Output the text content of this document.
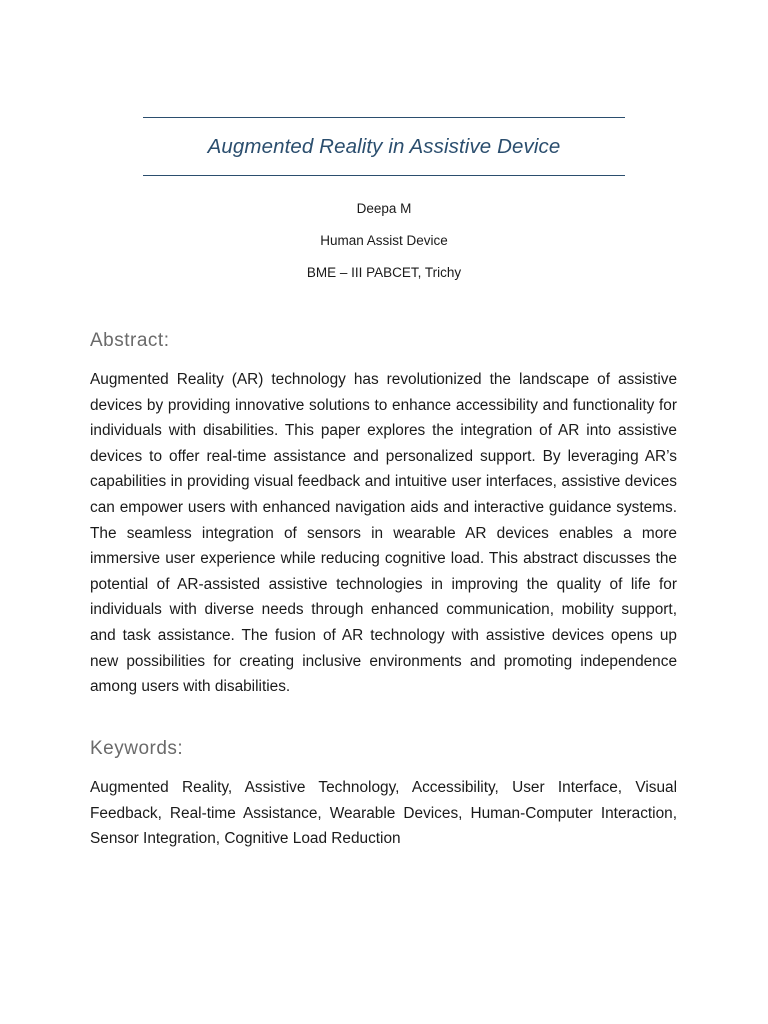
Augmented Reality in Assistive Device
Deepa M
Human Assist Device
BME – III PABCET, Trichy
Abstract:

Augmented Reality (AR) technology has revolutionized the landscape of assistive devices by providing innovative solutions to enhance accessibility and functionality for individuals with disabilities. This paper explores the integration of AR into assistive devices to offer real-time assistance and personalized support. By leveraging AR’s capabilities in providing visual feedback and intuitive user interfaces, assistive devices can empower users with enhanced navigation aids and interactive guidance systems. The seamless integration of sensors in wearable AR devices enables a more immersive user experience while reducing cognitive load. This abstract discusses the potential of AR-assisted assistive technologies in improving the quality of life for individuals with diverse needs through enhanced communication, mobility support, and task assistance. The fusion of AR technology with assistive devices opens up new possibilities for creating inclusive environments and promoting independence among users with disabilities.

Keywords:

Augmented Reality, Assistive Technology, Accessibility, User Interface, Visual Feedback, Real-time Assistance, Wearable Devices, Human-Computer Interaction, Sensor Integration, Cognitive Load Reduction
